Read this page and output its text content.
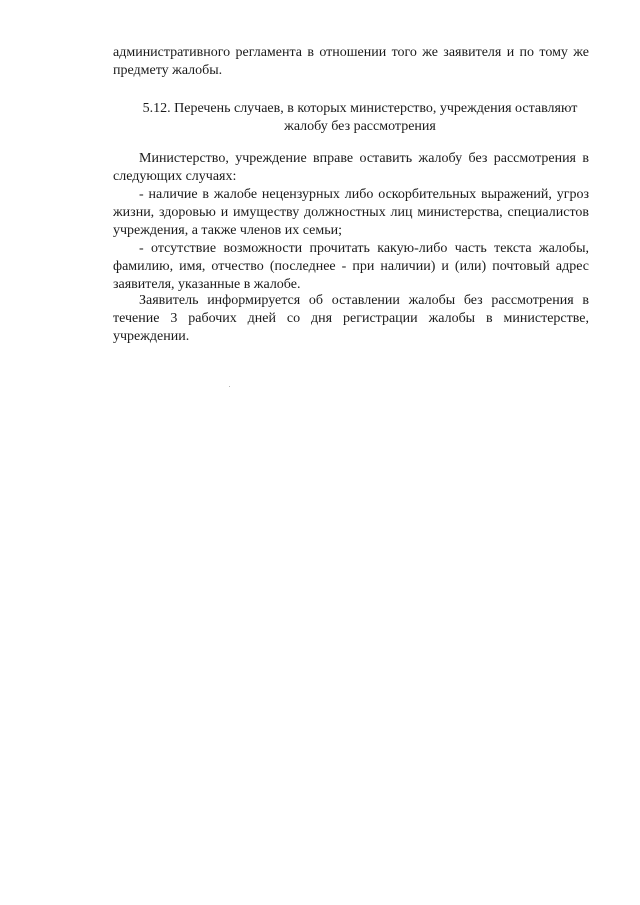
административного регламента в отношении того же заявителя и по тому же предмету жалобы.

5.12. Перечень случаев, в которых министерство, учреждения оставляют
жалобу без рассмотрения

Министерство, учреждение вправе оставить жалобу без рассмотрения в следующих случаях:

- наличие в жалобе нецензурных либо оскорбительных выражений, угроз жизни, здоровью и имуществу должностных лиц министерства, специалистов учреждения, а также членов их семьи;

- отсутствие возможности прочитать какую-либо часть текста жалобы, фамилию, имя, отчество (последнее - при наличии) и (или) почтовый адрес заявителя, указанные в жалобе.

Заявитель информируется об оставлении жалобы без рассмотрения в течение 3 рабочих дней со дня регистрации жалобы в министерстве, учреждении.
